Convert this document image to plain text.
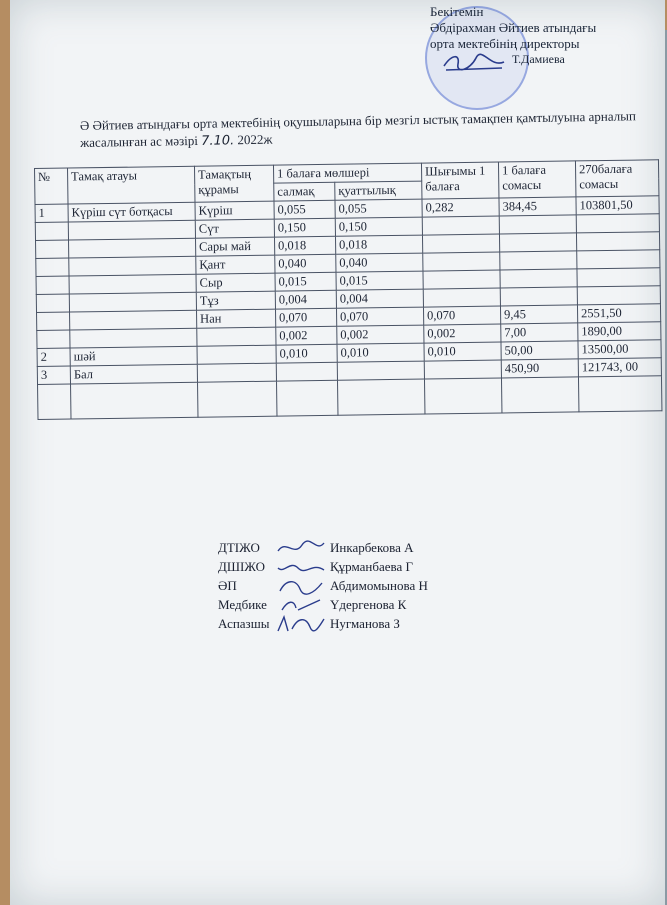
Бекітемін
Әбдірахман Әйтиев атындағы
орта мектебінің директоры
Т.Дамиева
Ә Әйтиев атындағы орта мектебінің оқушыларына бір мезгіл ыстық тамақпен қамтылуына арналып жасалынған ас мәзірі 7.10. 2022ж
№	Тамақ атауы	Тамақтың құрамы	1 балаға мөлшері		Шығымы 1 балаға	1 балаға сомасы	270балаға сомасы
			салмақ	қуаттылық			
1	Күріш сүт ботқасы	Күріш	0,055	0,055	0,282	384,45	103801,50
		Сүт	0,150	0,150			
		Сары май	0,018	0,018			
		Қант	0,040	0,040			
		Сыр	0,015	0,015			
		Тұз	0,004	0,004			
		Нан	0,070	0,070	0,070	9,45	2551,50
			0,002	0,002	0,002	7,00	1890,00
2	шәй		0,010	0,010	0,010	50,00	13500,00
3	Бал					450,90	121743, 00

ДТІЖО	Инкарбекова А
ДШІЖО	Құрманбаева Г
ӘП	Абдимомынова Н
Медбике	Үдергенова К
Аспазшы	Нугманова З
